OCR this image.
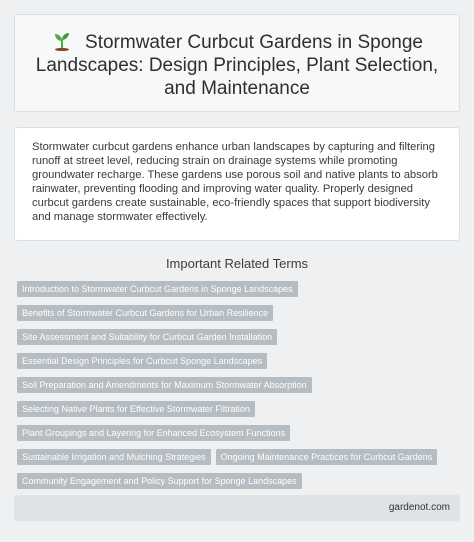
Stormwater Curbcut Gardens in Sponge Landscapes: Design Principles, Plant Selection, and Maintenance

Stormwater curbcut gardens enhance urban landscapes by capturing and filtering runoff at street level, reducing strain on drainage systems while promoting groundwater recharge. These gardens use porous soil and native plants to absorb rainwater, preventing flooding and improving water quality. Properly designed curbcut gardens create sustainable, eco-friendly spaces that support biodiversity and manage stormwater effectively.

Important Related Terms
Introduction to Stormwater Curbcut Gardens in Sponge Landscapes
Benefits of Stormwater Curbcut Gardens for Urban Resilience
Site Assessment and Suitability for Curbcut Garden Installation
Essential Design Principles for Curbcut Sponge Landscapes
Soil Preparation and Amendments for Maximum Stormwater Absorption
Selecting Native Plants for Effective Stormwater Filtration
Plant Groupings and Layering for Enhanced Ecosystem Functions
Sustainable Irrigation and Mulching Strategies	Ongoing Maintenance Practices for Curbcut Gardens
Community Engagement and Policy Support for Sponge Landscapes
gardenot.com
